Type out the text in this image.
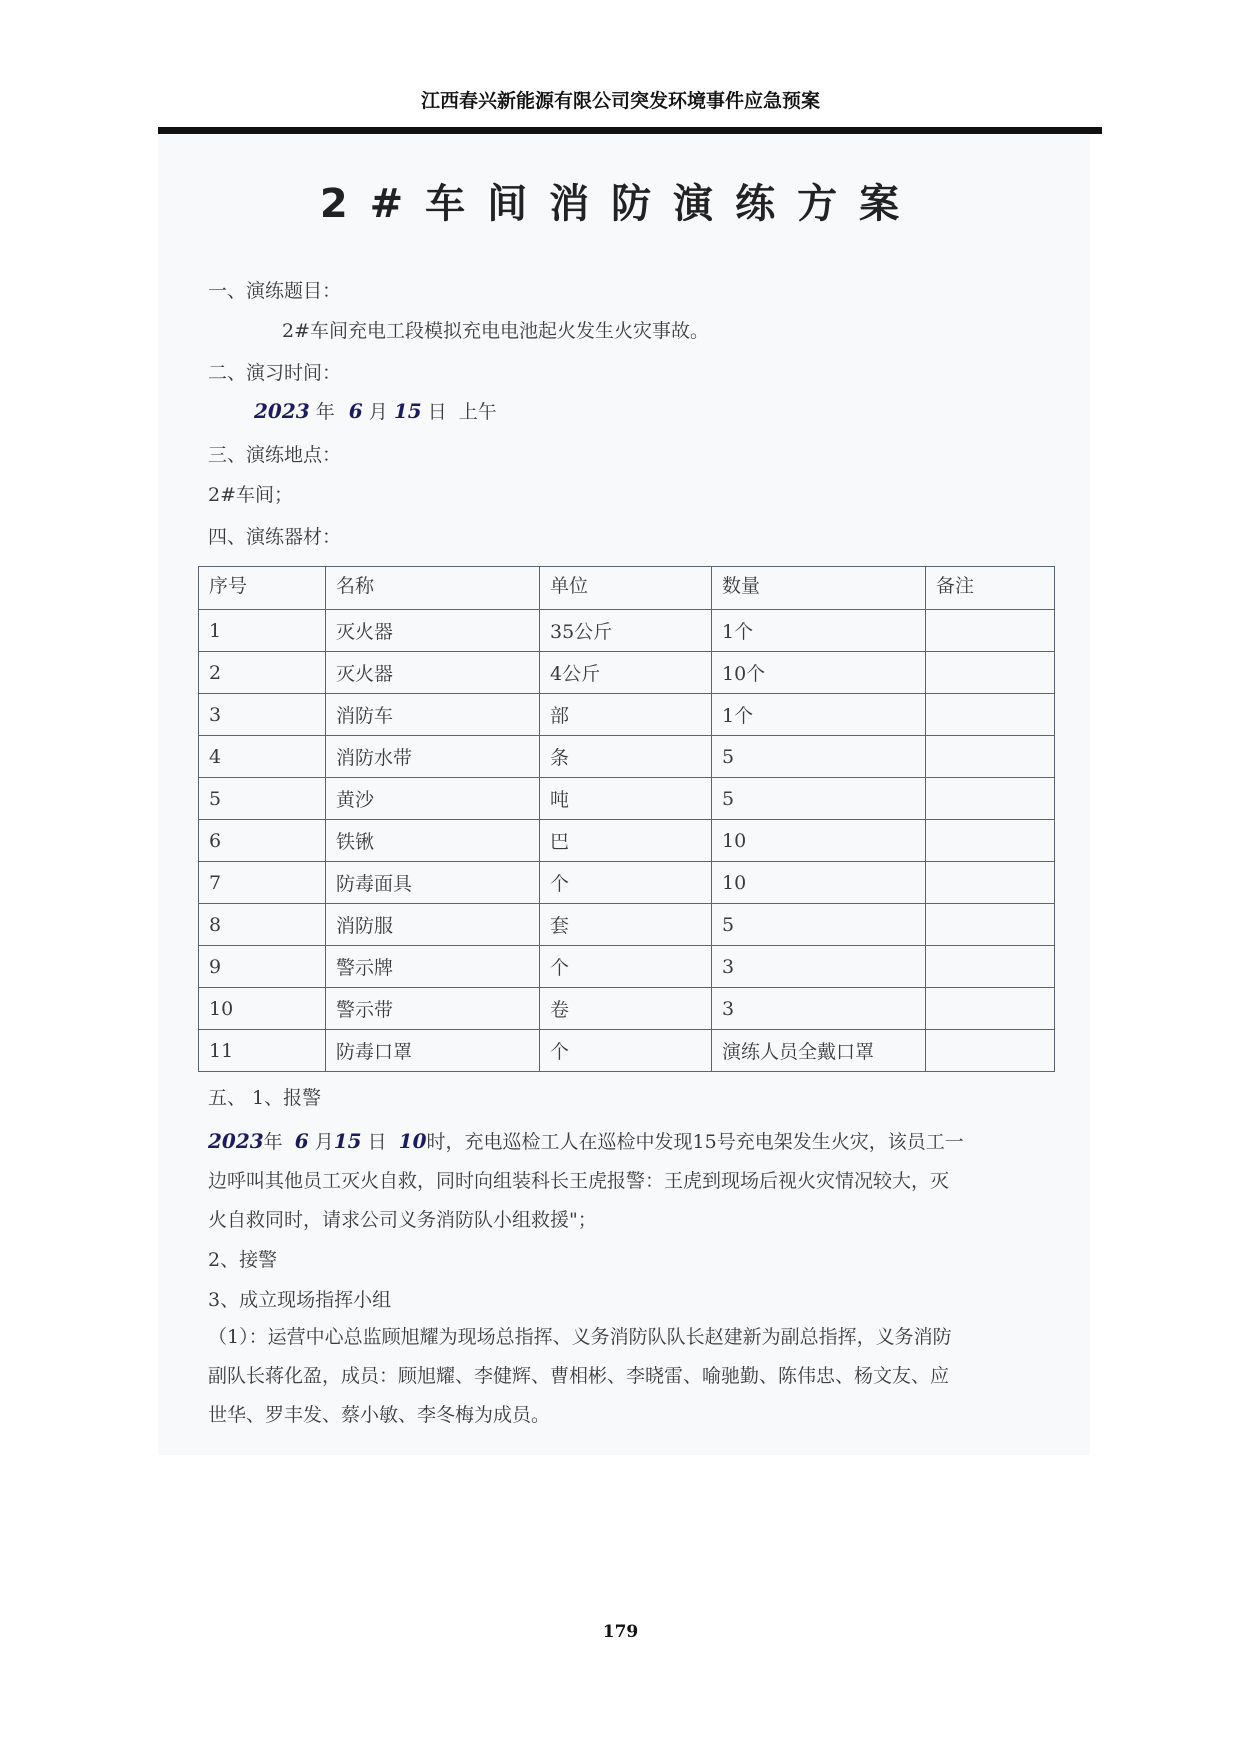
江西春兴新能源有限公司突发环境事件应急预案
2#车间消防演练方案
一、演练题目：
2#车间充电工段模拟充电电池起火发生火灾事故。
二、演习时间：
2023 年 6 月 15 日 上午
三、演练地点：
2#车间；
四、演练器材：
序号	名称	单位	数量	备注
1	灭火器	35公斤	1个	
2	灭火器	4公斤	10个	
3	消防车	部	1个	
4	消防水带	条	5	
5	黄沙	吨	5	
6	铁锹	巴	10	
7	防毒面具	个	10	
8	消防服	套	5	
9	警示牌	个	3	
10	警示带	卷	3	
11	防毒口罩	个	演练人员全戴口罩	
五、 1、报警
2023年 6 月15 日 10时，充电巡检工人在巡检中发现15号充电架发生火灾，该员工一
边呼叫其他员工灭火自救，同时向组装科长王虎报警：王虎到现场后视火灾情况较大，灭
火自救同时，请求公司义务消防队小组救援"；
2、接警
3、成立现场指挥小组
（1）：运营中心总监顾旭耀为现场总指挥、义务消防队队长赵建新为副总指挥，义务消防
副队长蒋化盈，成员：顾旭耀、李健辉、曹相彬、李晓雷、喻驰勤、陈伟忠、杨文友、应
世华、罗丰发、蔡小敏、李冬梅为成员。
179
